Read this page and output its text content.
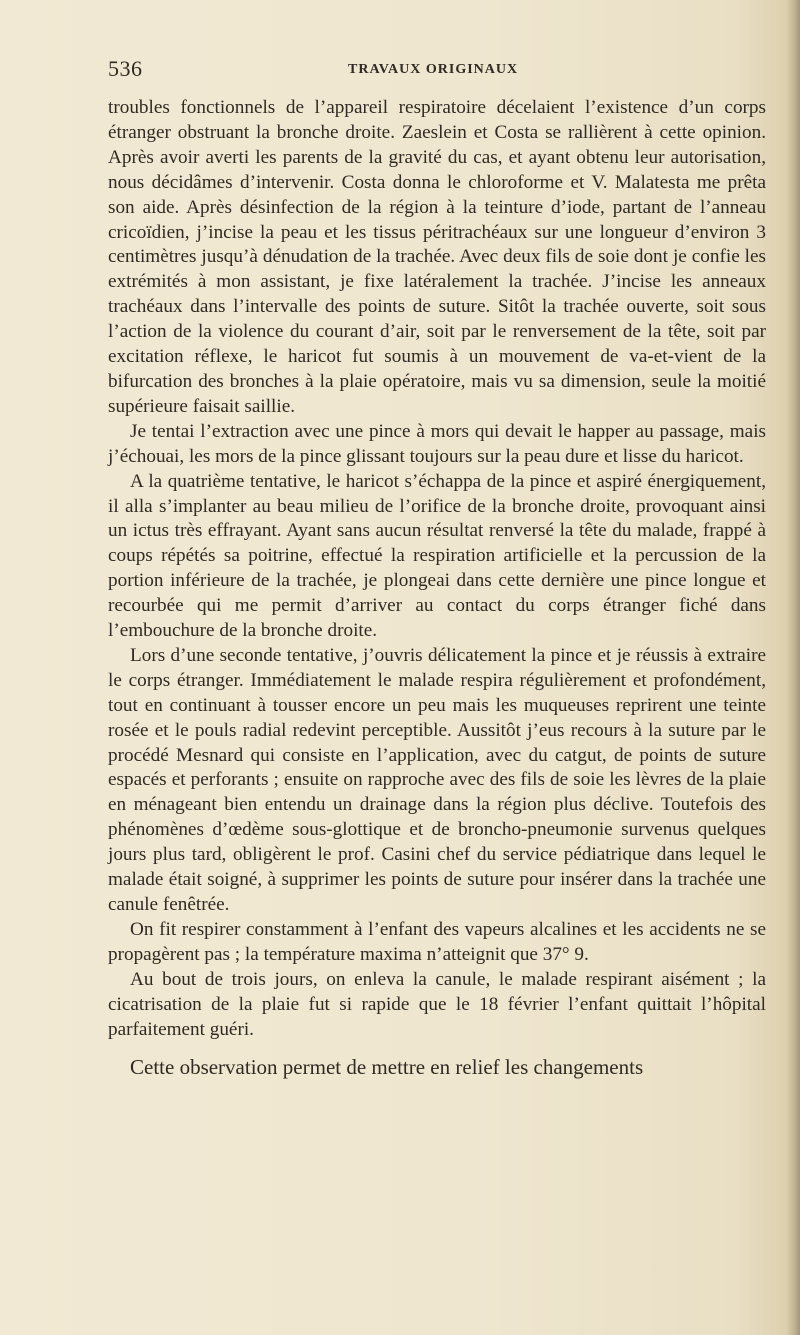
536	TRAVAUX ORIGINAUX

troubles fonctionnels de l’appareil respiratoire décelaient l’existence d’un corps étranger obstruant la bronche droite. Zaeslein et Costa se rallièrent à cette opinion. Après avoir averti les parents de la gravité du cas, et ayant obtenu leur autorisation, nous décidâmes d’intervenir. Costa donna le chloroforme et V. Malatesta me prêta son aide. Après désinfection de la région à la teinture d’iode, partant de l’anneau cricoïdien, j’incise la peau et les tissus péritrachéaux sur une longueur d’environ 3 centimètres jusqu’à dénudation de la trachée. Avec deux fils de soie dont je confie les extrémités à mon assistant, je fixe latéralement la trachée. J’incise les anneaux trachéaux dans l’intervalle des points de suture. Sitôt la trachée ouverte, soit sous l’action de la violence du courant d’air, soit par le renversement de la tête, soit par excitation réflexe, le haricot fut soumis à un mouvement de va-et-vient de la bifurcation des bronches à la plaie opératoire, mais vu sa dimension, seule la moitié supérieure faisait saillie.

Je tentai l’extraction avec une pince à mors qui devait le happer au passage, mais j’échouai, les mors de la pince glissant toujours sur la peau dure et lisse du haricot.

A la quatrième tentative, le haricot s’échappa de la pince et aspiré énergiquement, il alla s’implanter au beau milieu de l’orifice de la bronche droite, provoquant ainsi un ictus très effrayant. Ayant sans aucun résultat renversé la tête du malade, frappé à coups répétés sa poitrine, effectué la respiration artificielle et la percussion de la portion inférieure de la trachée, je plongeai dans cette dernière une pince longue et recourbée qui me permit d’arriver au contact du corps étranger fiché dans l’embouchure de la bronche droite.

Lors d’une seconde tentative, j’ouvris délicatement la pince et je réussis à extraire le corps étranger. Immédiatement le malade respira régulièrement et profondément, tout en continuant à tousser encore un peu mais les muqueuses reprirent une teinte rosée et le pouls radial redevint perceptible. Aussitôt j’eus recours à la suture par le procédé Mesnard qui consiste en l’application, avec du catgut, de points de suture espacés et perforants ; ensuite on rapproche avec des fils de soie les lèvres de la plaie en ménageant bien entendu un drainage dans la région plus déclive. Toutefois des phénomènes d’œdème sous-glottique et de broncho-pneumonie survenus quelques jours plus tard, obligèrent le prof. Casini chef du service pédiatrique dans lequel le malade était soigné, à supprimer les points de suture pour insérer dans la trachée une canule fenêtrée.

On fit respirer constamment à l’enfant des vapeurs alcalines et les accidents ne se propagèrent pas ; la température maxima n’atteignit que 37° 9.

Au bout de trois jours, on enleva la canule, le malade respirant aisément ; la cicatrisation de la plaie fut si rapide que le 18 février l’enfant quittait l’hôpital parfaitement guéri.

Cette observation permet de mettre en relief les changements
